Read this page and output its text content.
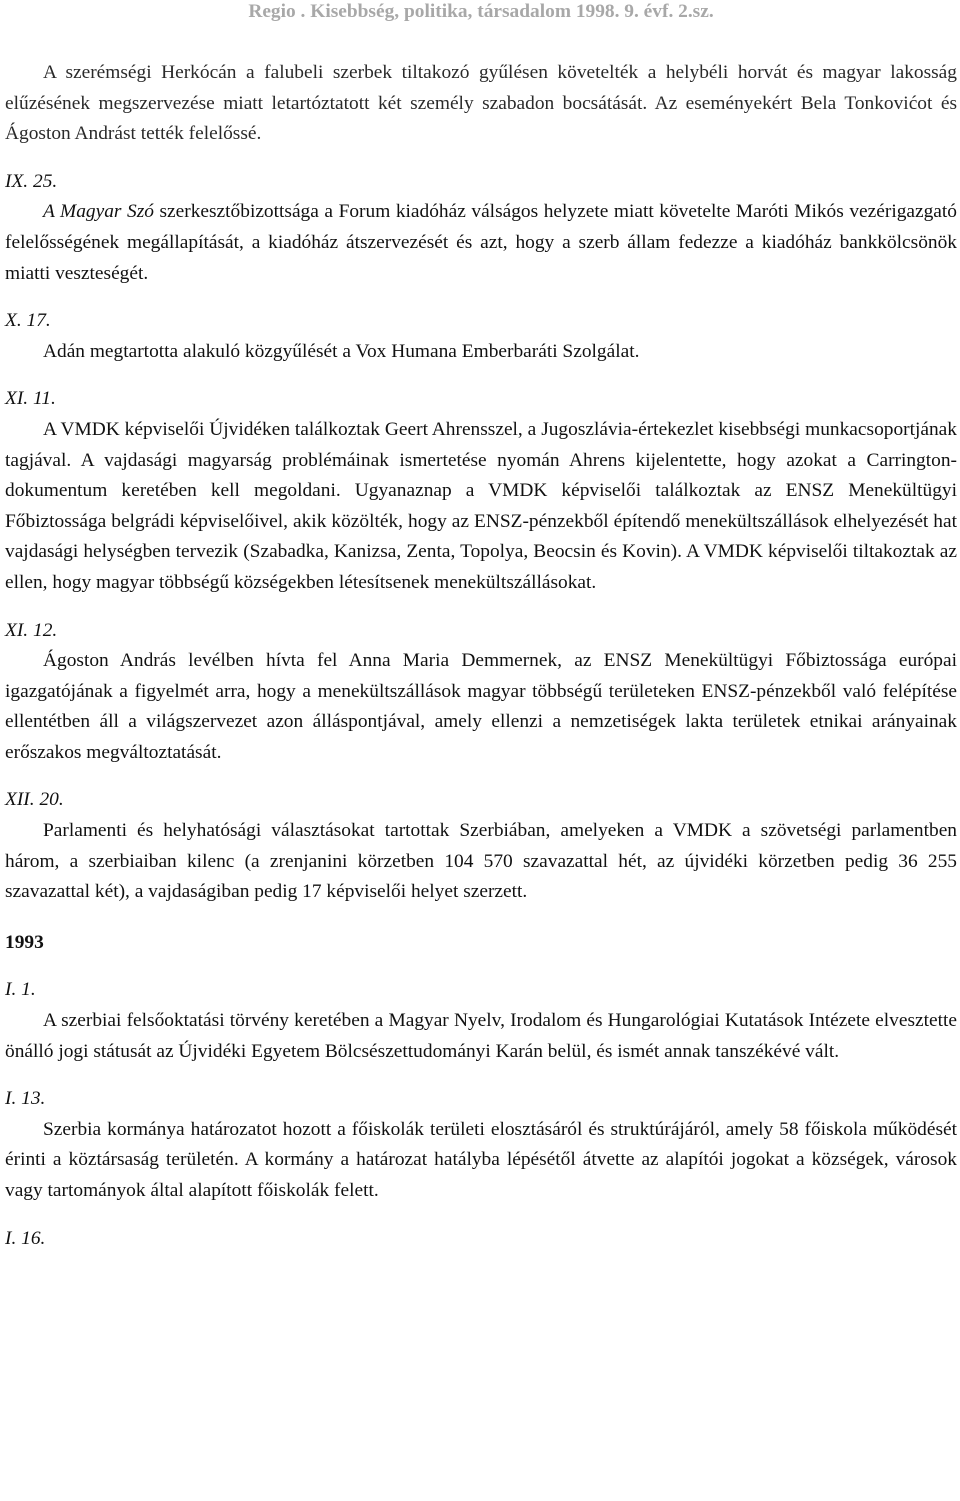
Regio . Kisebbség, politika, társadalom 1998. 9. évf. 2.sz.

A szerémségi Herkócán a falubeli szerbek tiltakozó gyűlésen követelték a helybéli horvát és magyar lakosság elűzésének megszervezése miatt letartóztatott két személy szabadon bocsátását. Az eseményekért Bela Tonkovićot és Ágoston Andrást tették felelőssé.

IX. 25.

A Magyar Szó szerkesztőbizottsága a Forum kiadóház válságos helyzete miatt követelte Maróti Mikós vezérigazgató felelősségének megállapítását, a kiadóház átszervezését és azt, hogy a szerb állam fedezze a kiadóház bankkölcsönök miatti veszteségét.

X. 17.

Adán megtartotta alakuló közgyűlését a Vox Humana Emberbaráti Szolgálat.

XI. 11.

A VMDK képviselői Újvidéken találkoztak Geert Ahrensszel, a Jugoszlávia-értekezlet kisebbségi munkacsoportjának tagjával. A vajdasági magyarság problémáinak ismertetése nyomán Ahrens kijelentette, hogy azokat a Carrington-dokumentum keretében kell megoldani. Ugyanaznap a VMDK képviselői találkoztak az ENSZ Menekültügyi Főbiztossága belgrádi képviselőivel, akik közölték, hogy az ENSZ-pénzekből építendő menekültszállások elhelyezését hat vajdasági helységben tervezik (Szabadka, Kanizsa, Zenta, Topolya, Beocsin és Kovin). A VMDK képviselői tiltakoztak az ellen, hogy magyar többségű községekben létesítsenek menekültszállásokat.

XI. 12.

Ágoston András levélben hívta fel Anna Maria Demmernek, az ENSZ Menekültügyi Főbiztossága európai igazgatójának a figyelmét arra, hogy a menekültszállások magyar többségű területeken ENSZ-pénzekből való felépítése ellentétben áll a világszervezet azon álláspontjával, amely ellenzi a nemzetiségek lakta területek etnikai arányainak erőszakos megváltoztatását.

XII. 20.

Parlamenti és helyhatósági választásokat tartottak Szerbiában, amelyeken a VMDK a szövetségi parlamentben három, a szerbiaiban kilenc (a zrenjanini körzetben 104 570 szavazattal hét, az újvidéki körzetben pedig 36 255 szavazattal két), a vajdaságiban pedig 17 képviselői helyet szerzett.

1993

I. 1.

A szerbiai felsőoktatási törvény keretében a Magyar Nyelv, Irodalom és Hungarológiai Kutatások Intézete elvesztette önálló jogi státusát az Újvidéki Egyetem Bölcsészettudományi Karán belül, és ismét annak tanszékévé vált.

I. 13.

Szerbia kormánya határozatot hozott a főiskolák területi elosztásáról és struktúrájáról, amely 58 főiskola működését érinti a köztársaság területén. A kormány a határozat hatályba lépésétől átvette az alapítói jogokat a községek, városok vagy tartományok által alapított főiskolák felett.

I. 16.
